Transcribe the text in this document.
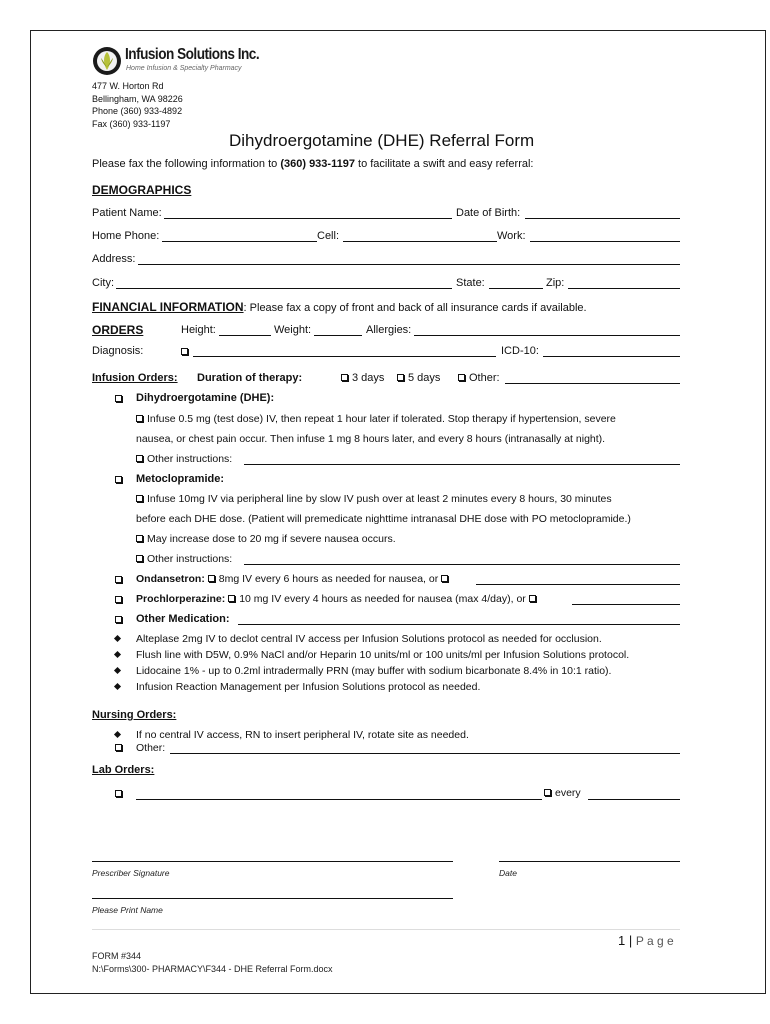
Infusion Solutions Inc.
Home Infusion & Specialty Pharmacy
477 W. Horton Rd
Bellingham, WA 98226
Phone (360) 933-4892
Fax (360) 933-1197
Dihydroergotamine (DHE) Referral Form
Please fax the following information to (360) 933-1197 to facilitate a swift and easy referral:
DEMOGRAPHICS
Patient Name:	Date of Birth:
Home Phone:	Cell:	Work:
Address:
City:	State:	Zip:
FINANCIAL INFORMATION: Please fax a copy of front and back of all insurance cards if available.
ORDERS	Height:	Weight:	Allergies:
Diagnosis:	ICD-10:
Infusion Orders: Duration of therapy:	3 days	5 days	Other:
Dihydroergotamine (DHE):
Infuse 0.5 mg (test dose) IV, then repeat 1 hour later if tolerated. Stop therapy if hypertension, severe
nausea, or chest pain occur. Then infuse 1 mg 8 hours later, and every 8 hours (intranasally at night).
Other instructions:
Metoclopramide:
Infuse 10mg IV via peripheral line by slow IV push over at least 2 minutes every 8 hours, 30 minutes
before each DHE dose. (Patient will premedicate nighttime intranasal DHE dose with PO metoclopramide.)
May increase dose to 20 mg if severe nausea occurs.
Other instructions:
Ondansetron: 8mg IV every 6 hours as needed for nausea, or
Prochlorperazine: 10 mg IV every 4 hours as needed for nausea (max 4/day), or
Other Medication:
Alteplase 2mg IV to declot central IV access per Infusion Solutions protocol as needed for occlusion.
Flush line with D5W, 0.9% NaCl and/or Heparin 10 units/ml or 100 units/ml per Infusion Solutions protocol.
Lidocaine 1% - up to 0.2ml intradermally PRN (may buffer with sodium bicarbonate 8.4% in 10:1 ratio).
Infusion Reaction Management per Infusion Solutions protocol as needed.
Nursing Orders:
If no central IV access, RN to insert peripheral IV, rotate site as needed.
Other:
Lab Orders:
every
Prescriber Signature	Date
Please Print Name
1 | P a g e
FORM #344
N:\Forms\300- PHARMACY\F344 - DHE Referral Form.docx
